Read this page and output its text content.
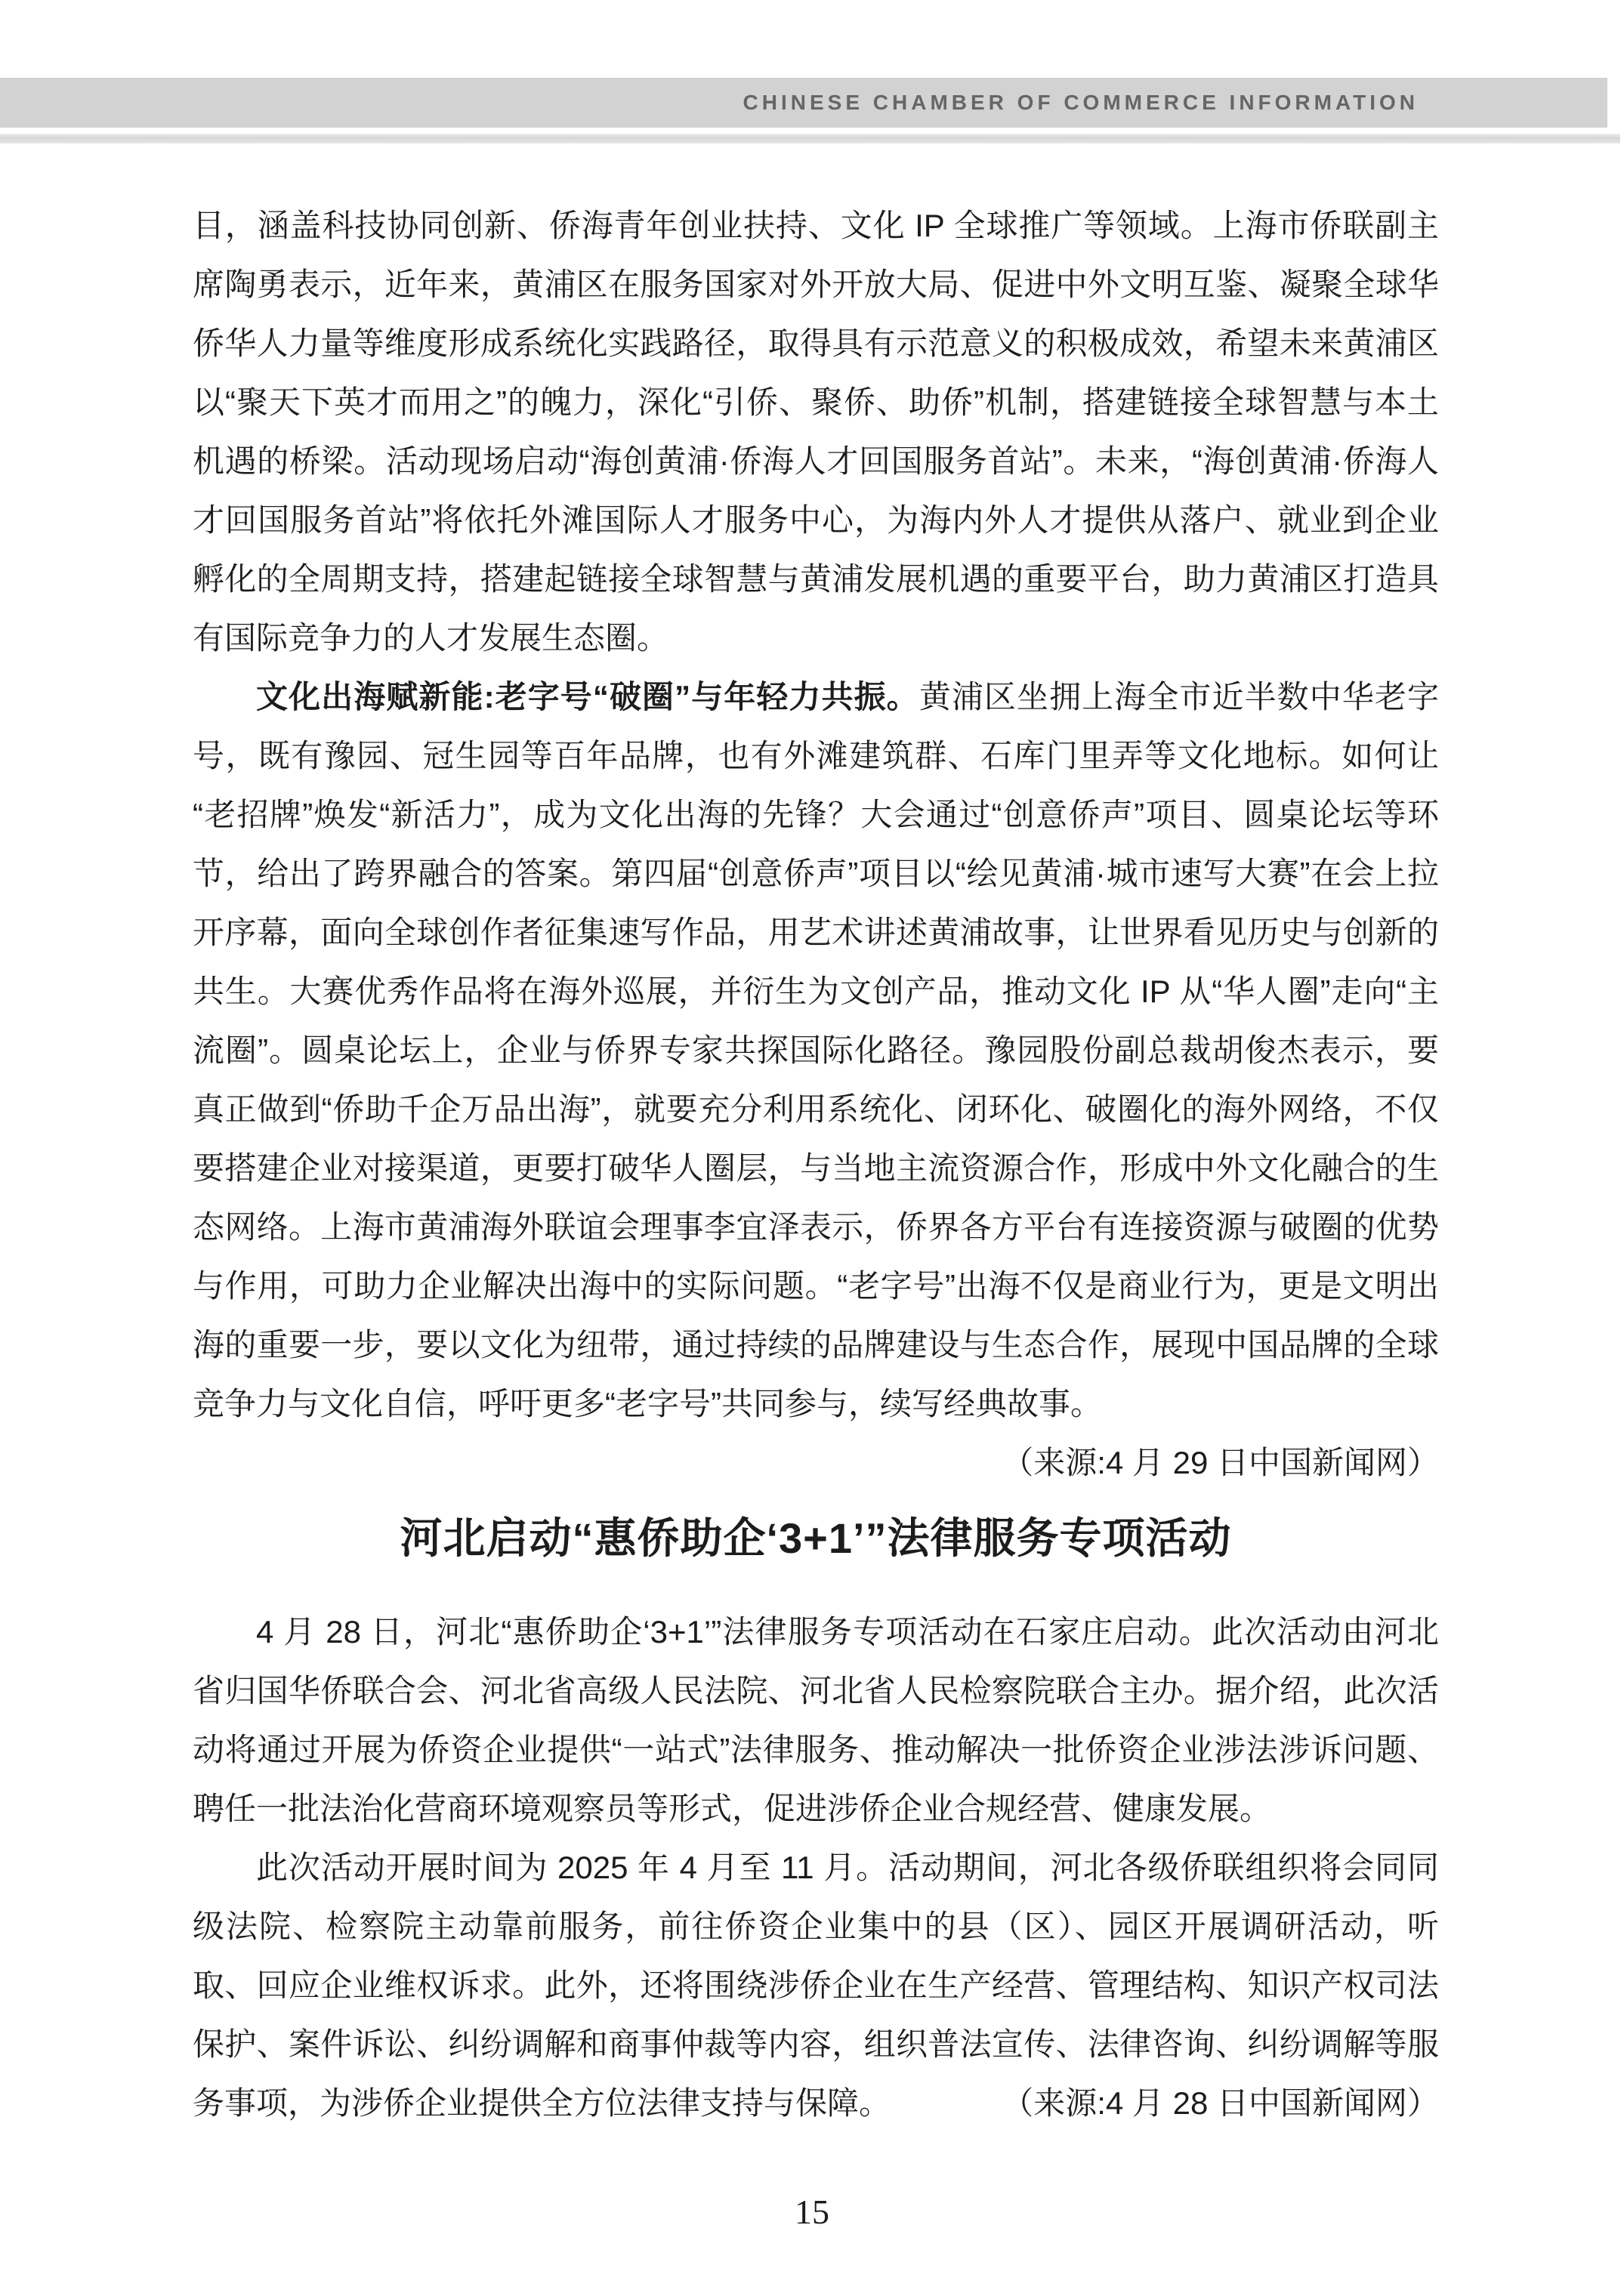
CHINESE CHAMBER OF COMMERCE INFORMATION

目，涵盖科技协同创新、侨海青年创业扶持、文化 IP 全球推广等领域。上海市侨联副主席陶勇表示，近年来，黄浦区在服务国家对外开放大局、促进中外文明互鉴、凝聚全球华侨华人力量等维度形成系统化实践路径，取得具有示范意义的积极成效，希望未来黄浦区以“聚天下英才而用之”的魄力，深化“引侨、聚侨、助侨”机制，搭建链接全球智慧与本土机遇的桥梁。活动现场启动“海创黄浦·侨海人才回国服务首站”。未来，“海创黄浦·侨海人才回国服务首站”将依托外滩国际人才服务中心，为海内外人才提供从落户、就业到企业孵化的全周期支持，搭建起链接全球智慧与黄浦发展机遇的重要平台，助力黄浦区打造具有国际竞争力的人才发展生态圈。

文化出海赋新能:老字号“破圈”与年轻力共振。黄浦区坐拥上海全市近半数中华老字号，既有豫园、冠生园等百年品牌，也有外滩建筑群、石库门里弄等文化地标。如何让“老招牌”焕发“新活力”，成为文化出海的先锋？大会通过“创意侨声”项目、圆桌论坛等环节，给出了跨界融合的答案。第四届“创意侨声”项目以“绘见黄浦·城市速写大赛”在会上拉开序幕，面向全球创作者征集速写作品，用艺术讲述黄浦故事，让世界看见历史与创新的共生。大赛优秀作品将在海外巡展，并衍生为文创产品，推动文化 IP 从“华人圈”走向“主流圈”。圆桌论坛上，企业与侨界专家共探国际化路径。豫园股份副总裁胡俊杰表示，要真正做到“侨助千企万品出海”，就要充分利用系统化、闭环化、破圈化的海外网络，不仅要搭建企业对接渠道，更要打破华人圈层，与当地主流资源合作，形成中外文化融合的生态网络。上海市黄浦海外联谊会理事李宜泽表示，侨界各方平台有连接资源与破圈的优势与作用，可助力企业解决出海中的实际问题。“老字号”出海不仅是商业行为，更是文明出海的重要一步，要以文化为纽带，通过持续的品牌建设与生态合作，展现中国品牌的全球竞争力与文化自信，呼吁更多“老字号”共同参与，续写经典故事。
（来源:4 月 29 日中国新闻网）

河北启动“惠侨助企‘3+1’”法律服务专项活动

4 月 28 日，河北“惠侨助企‘3+1’”法律服务专项活动在石家庄启动。此次活动由河北省归国华侨联合会、河北省高级人民法院、河北省人民检察院联合主办。据介绍，此次活动将通过开展为侨资企业提供“一站式”法律服务、推动解决一批侨资企业涉法涉诉问题、聘任一批法治化营商环境观察员等形式，促进涉侨企业合规经营、健康发展。

此次活动开展时间为 2025 年 4 月至 11 月。活动期间，河北各级侨联组织将会同同级法院、检察院主动靠前服务，前往侨资企业集中的县（区）、园区开展调研活动，听取、回应企业维权诉求。此外，还将围绕涉侨企业在生产经营、管理结构、知识产权司法保护、案件诉讼、纠纷调解和商事仲裁等内容，组织普法宣传、法律咨询、纠纷调解等服务事项，为涉侨企业提供全方位法律支持与保障。	（来源:4 月 28 日中国新闻网）

15
